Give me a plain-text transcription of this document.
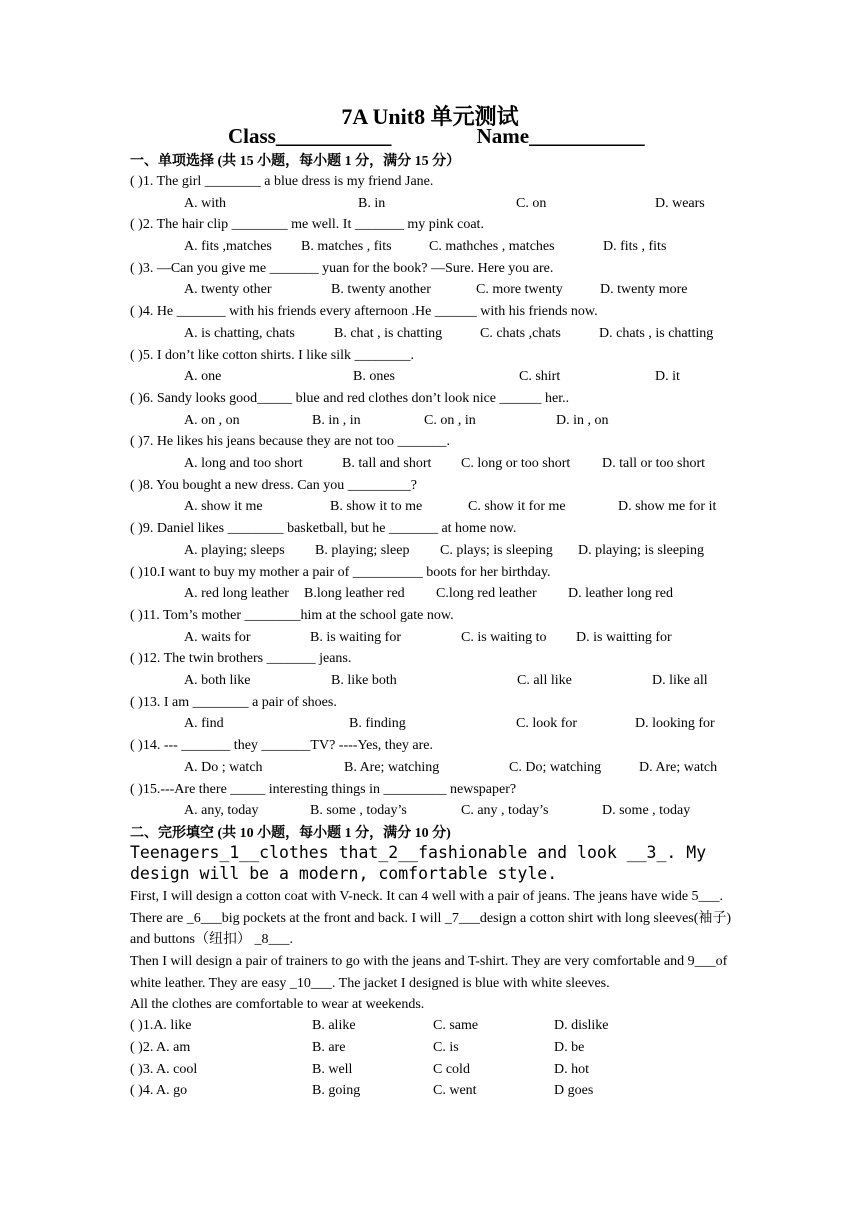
7A Unit8 单元测试
Class___________	Name___________
一、单项选择 (共 15 小题，每小题 1 分，满分 15 分）
( )1. The girl ________ a blue dress is my friend Jane.
A. with	B. in	C. on	D. wears
( )2. The hair clip ________ me well. It _______ my pink coat.
A. fits ,matches B. matches , fits	C. mathches , matches	D. fits , fits
( )3. —Can you give me _______ yuan for the book? —Sure. Here you are.
A. twenty other	B. twenty another	C. more twenty	D. twenty more
( )4. He _______ with his friends every afternoon .He ______ with his friends now.
A. is chatting, chats	B. chat , is chatting	C. chats ,chats	D. chats , is chatting
( )5. I don’t like cotton shirts. I like silk ________.
A. one	B. ones	C. shirt	D. it
( )6. Sandy looks good_____ blue and red clothes don’t look nice ______ her..
A. on , on	B. in , in	C. on , in	D. in , on
( )7. He likes his jeans because they are not too _______.
A. long and too short	B. tall and short C. long or too short D. tall or too short
( )8. You bought a new dress. Can you _________?
A. show it me	B. show it to me	C. show it for me	D. show me for it
( )9. Daniel likes ________ basketball, but he _______ at home now.
A. playing; sleeps B. playing; sleep C. plays; is sleeping D. playing; is sleeping
( )10.I want to buy my mother a pair of __________ boots for her birthday.
A. red long leather B.long leather red C.long red leather D. leather long red
( )11. Tom’s mother ________him at the school gate now.
A. waits for	B. is waiting for	C. is waiting to D. is waitting for
( )12. The twin brothers _______ jeans.
A. both like	B. like both	C. all like	D. like all
( )13. I am ________ a pair of shoes.
A. find	B. finding	C. look for	D. looking for
( )14. --- _______ they _______TV? ----Yes, they are.
A. Do ; watch	B. Are; watching	C. Do; watching	D. Are; watch
( )15.---Are there _____ interesting things in _________ newspaper?
A. any, today	B. some , today’s	C. any , today’s	D. some , today
二、完形填空 (共 10 小题，每小题 1 分，满分 10 分)
Teenagers_1__clothes that_2__fashionable and look __3_. My design will be a modern, comfortable style.
First, I will design a cotton coat with V-neck. It can 4 well with a pair of jeans. The jeans have wide 5___. There are _6___big pockets at the front and back. I will _7___design a cotton shirt with long sleeves(袖子) and buttons（纽扣） _8___.
Then I will design a pair of trainers to go with the jeans and T-shirt. They are very comfortable and 9___of white leather. They are easy _10___. The jacket I designed is blue with white sleeves.
All the clothes are comfortable to wear at weekends.
( )1.A. like	B. alike	C. same	D. dislike
( )2. A. am	B. are	C. is	D. be
( )3. A. cool	B. well	C cold	D. hot
( )4. A. go	B. going	C. went	D goes
